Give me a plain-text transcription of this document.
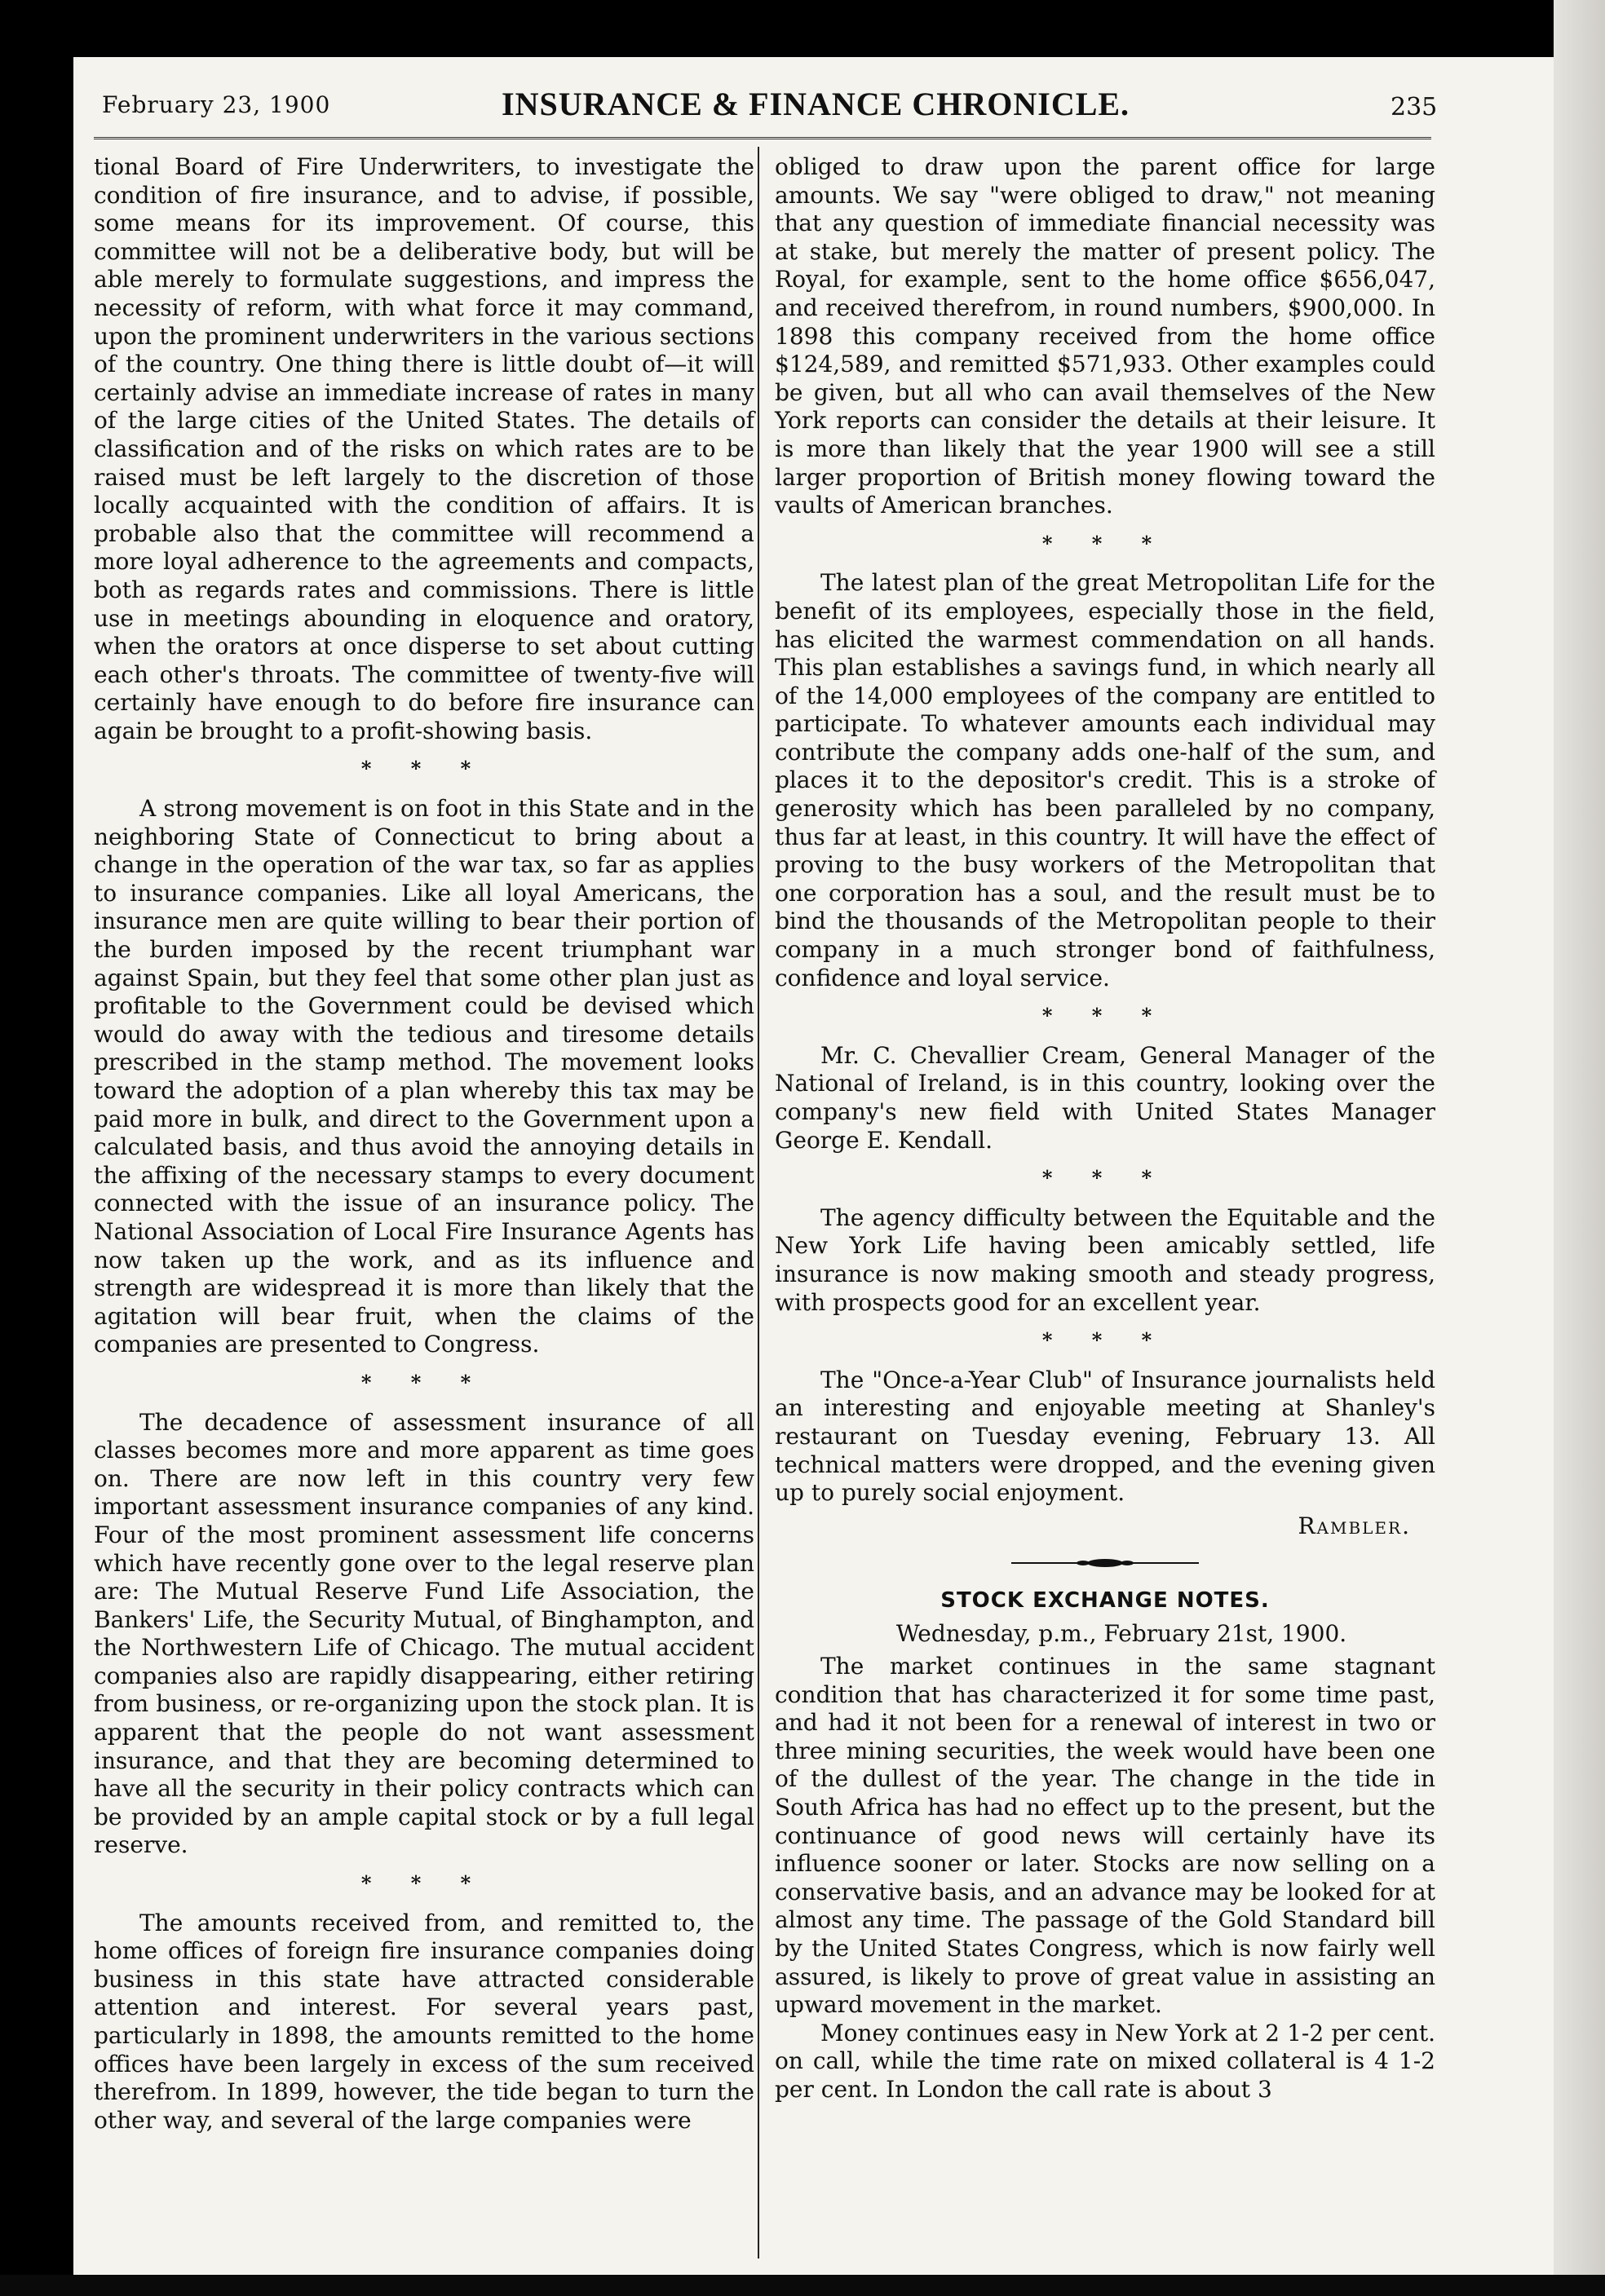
February 23, 1900	INSURANCE & FINANCE CHRONICLE.	235

tional Board of Fire Underwriters, to investigate the condition of fire insurance, and to advise, if possible, some means for its improvement. Of course, this committee will not be a deliberative body, but will be able merely to formulate suggestions, and impress the necessity of reform, with what force it may command, upon the prominent underwriters in the various sections of the country. One thing there is little doubt of—it will certainly advise an immediate increase of rates in many of the large cities of the United States. The details of classification and of the risks on which rates are to be raised must be left largely to the discretion of those locally acquainted with the condition of affairs. It is probable also that the committee will recommend a more loyal adherence to the agreements and compacts, both as regards rates and commissions. There is little use in meetings abounding in eloquence and oratory, when the orators at once disperse to set about cutting each other's throats. The committee of twenty-five will certainly have enough to do before fire insurance can again be brought to a profit-showing basis.

* * *

A strong movement is on foot in this State and in the neighboring State of Connecticut to bring about a change in the operation of the war tax, so far as applies to insurance companies. Like all loyal Americans, the insurance men are quite willing to bear their portion of the burden imposed by the recent triumphant war against Spain, but they feel that some other plan just as profitable to the Government could be devised which would do away with the tedious and tiresome details prescribed in the stamp method. The movement looks toward the adoption of a plan whereby this tax may be paid more in bulk, and direct to the Government upon a calculated basis, and thus avoid the annoying details in the affixing of the necessary stamps to every document connected with the issue of an insurance policy. The National Association of Local Fire Insurance Agents has now taken up the work, and as its influence and strength are widespread it is more than likely that the agitation will bear fruit, when the claims of the companies are presented to Congress.

* * *

The decadence of assessment insurance of all classes becomes more and more apparent as time goes on. There are now left in this country very few important assessment insurance companies of any kind. Four of the most prominent assessment life concerns which have recently gone over to the legal reserve plan are: The Mutual Reserve Fund Life Association, the Bankers' Life, the Security Mutual, of Binghampton, and the Northwestern Life of Chicago. The mutual accident companies also are rapidly disappearing, either retiring from business, or re-organizing upon the stock plan. It is apparent that the people do not want assessment insurance, and that they are becoming determined to have all the security in their policy contracts which can be provided by an ample capital stock or by a full legal reserve.

* * *

The amounts received from, and remitted to, the home offices of foreign fire insurance companies doing business in this state have attracted considerable attention and interest. For several years past, particularly in 1898, the amounts remitted to the home offices have been largely in excess of the sum received therefrom. In 1899, however, the tide began to turn the other way, and several of the large companies were

obliged to draw upon the parent office for large amounts. We say "were obliged to draw," not meaning that any question of immediate financial necessity was at stake, but merely the matter of present policy. The Royal, for example, sent to the home office $656,047, and received therefrom, in round numbers, $900,000. In 1898 this company received from the home office $124,589, and remitted $571,933. Other examples could be given, but all who can avail themselves of the New York reports can consider the details at their leisure. It is more than likely that the year 1900 will see a still larger proportion of British money flowing toward the vaults of American branches.

* * *

The latest plan of the great Metropolitan Life for the benefit of its employees, especially those in the field, has elicited the warmest commendation on all hands. This plan establishes a savings fund, in which nearly all of the 14,000 employees of the company are entitled to participate. To whatever amounts each individual may contribute the company adds one-half of the sum, and places it to the depositor's credit. This is a stroke of generosity which has been paralleled by no company, thus far at least, in this country. It will have the effect of proving to the busy workers of the Metropolitan that one corporation has a soul, and the result must be to bind the thousands of the Metropolitan people to their company in a much stronger bond of faithfulness, confidence and loyal service.

* * *

Mr. C. Chevallier Cream, General Manager of the National of Ireland, is in this country, looking over the company's new field with United States Manager George E. Kendall.

* * *

The agency difficulty between the Equitable and the New York Life having been amicably settled, life insurance is now making smooth and steady progress, with prospects good for an excellent year.

* * *

The "Once-a-Year Club" of Insurance journalists held an interesting and enjoyable meeting at Shanley's restaurant on Tuesday evening, February 13. All technical matters were dropped, and the evening given up to purely social enjoyment.

Rambler.
STOCK EXCHANGE NOTES.
Wednesday, p.m., February 21st, 1900.

The market continues in the same stagnant condition that has characterized it for some time past, and had it not been for a renewal of interest in two or three mining securities, the week would have been one of the dullest of the year. The change in the tide in South Africa has had no effect up to the present, but the continuance of good news will certainly have its influence sooner or later. Stocks are now selling on a conservative basis, and an advance may be looked for at almost any time. The passage of the Gold Standard bill by the United States Congress, which is now fairly well assured, is likely to prove of great value in assisting an upward movement in the market.

Money continues easy in New York at 2 1-2 per cent. on call, while the time rate on mixed collateral is 4 1-2 per cent. In London the call rate is about 3
